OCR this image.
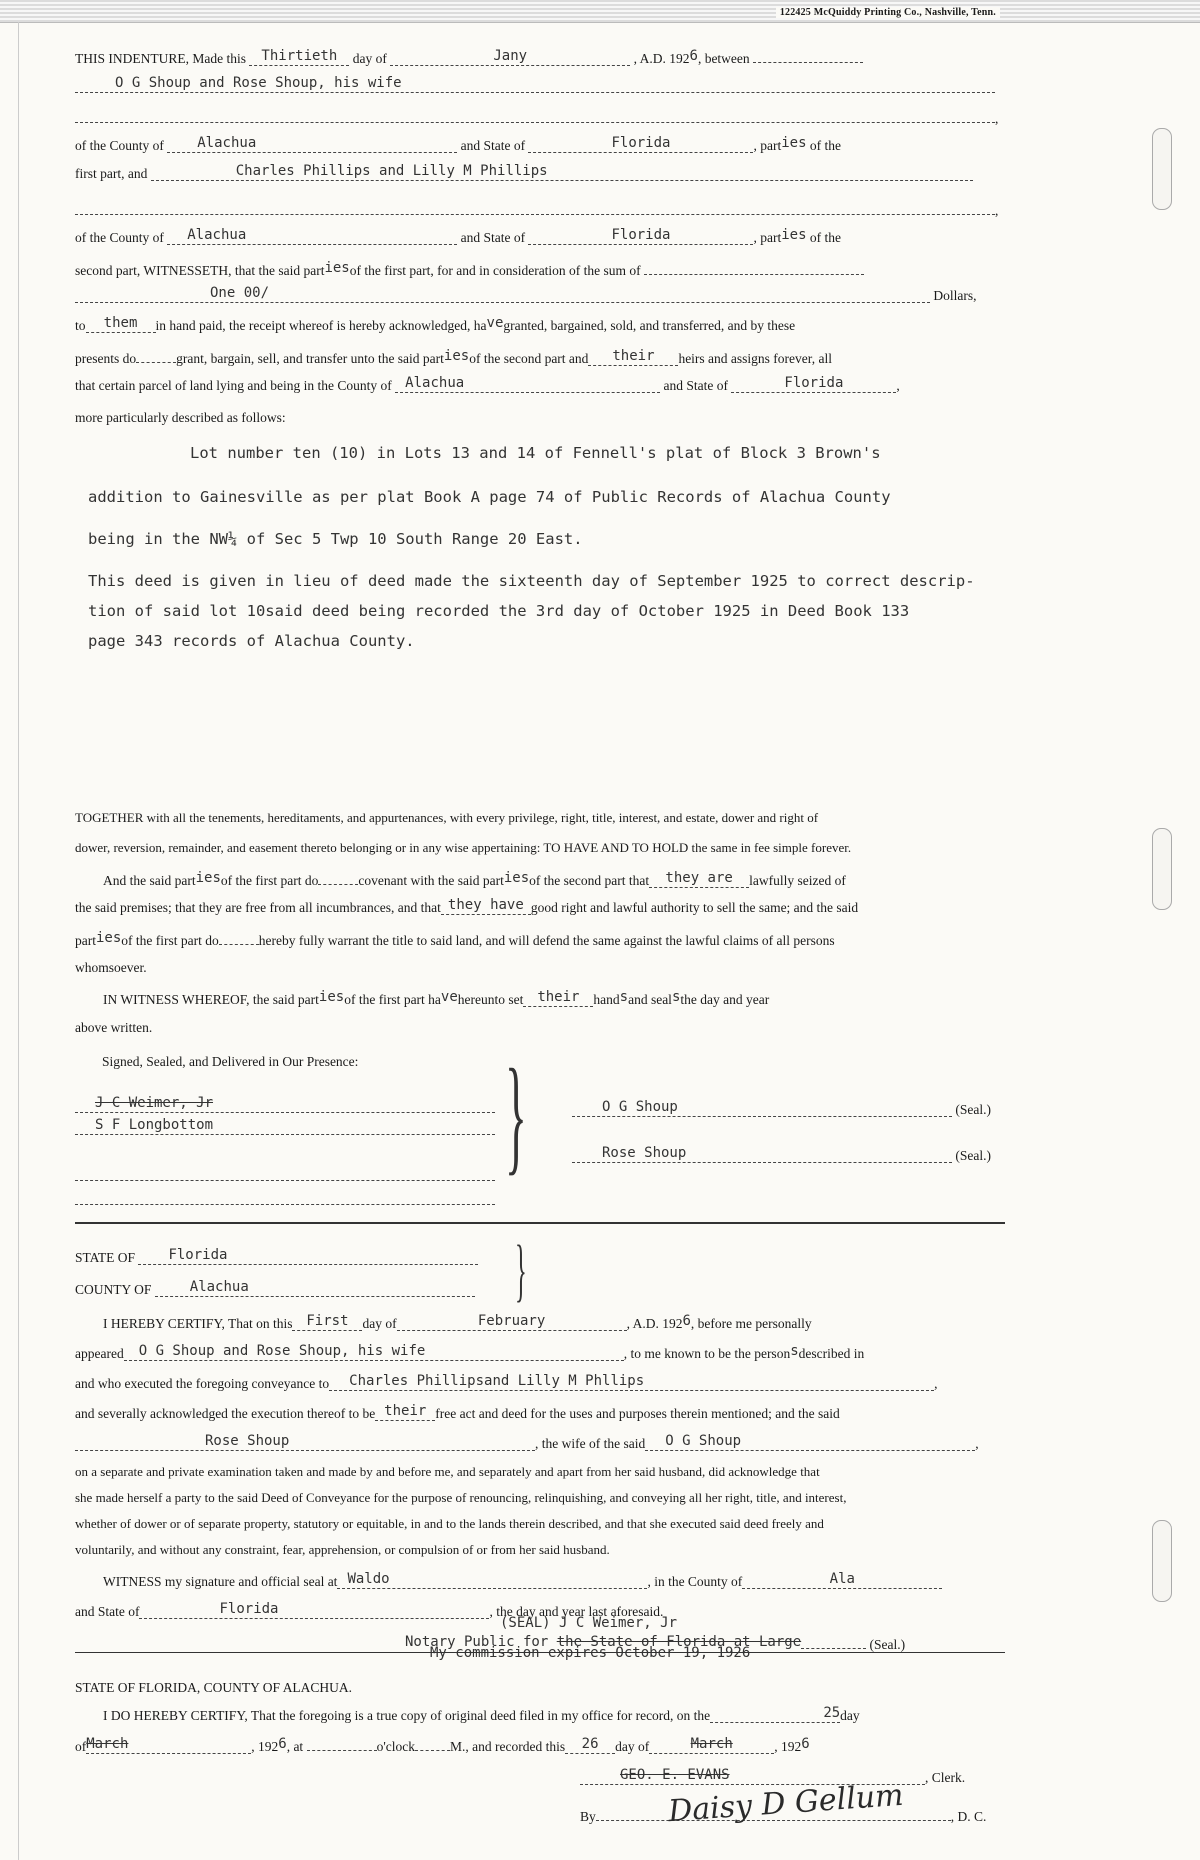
122425 McQuiddy Printing Co., Nashville, Tenn.
THIS INDENTURE, Made this Thirtieth day of	Jany	, A.D. 1926, between
O G Shoup and Rose Shoup, his wife
,
of the County of Alachua	and State of	Florida	, parties of the
first part, and	Charles Phillips and Lilly M Phillips
,
of the County of Alachua	and State of	Florida	, parties of the
second part, WITNESSETH, that the said partiesof the first part, for and in consideration of the sum of
One 00/	Dollars,
to them in hand paid, the receipt whereof is hereby acknowledged, havegranted, bargained, sold, and transferred, and by these
presents do	grant, bargain, sell, and transfer unto the said partiesof the second part and their heirs and assigns forever, all
that certain parcel of land lying and being in the County of Alachua	and State of	Florida	,
more particularly described as follows:
Lot number ten (10) in Lots 13 and 14 of Fennell's plat of Block 3 Brown's
addition to Gainesville as per plat Book A page 74 of Public Records of Alachua County
being in the NW¼ of Sec 5 Twp 10 South Range 20 East.
This deed is given in lieu of deed made the sixteenth day of September 1925 to correct descrip-
tion of said lot 10said deed being recorded the 3rd day of October 1925 in Deed Book 133
page 343 records of Alachua County.
TOGETHER with all the tenements, hereditaments, and appurtenances, with every privilege, right, title, interest, and estate, dower and right of
dower, reversion, remainder, and easement thereto belonging or in any wise appertaining: TO HAVE AND TO HOLD the same in fee simple forever.
And the said partiesof the first part do	covenant with the said partiesof the second part that they are lawfully seized of
the said premises; that they are free from all incumbrances, and that they have good right and lawful authority to sell the same; and the said
partiesof the first part do	hereby fully warrant the title to said land, and will defend the same against the lawful claims of all persons
whomsoever.
IN WITNESS WHEREOF, the said partiesof the first part havehereunto set their handsand sealsthe day and year
above written.
Signed, Sealed, and Delivered in Our Presence:	}
J C Weimer, Jr
S F Longbottom
O G Shoup	(Seal.)
Rose Shoup	(Seal.)
STATE OF Florida
COUNTY OF	Alachua	}
I HEREBY CERTIFY, That on this First day of	February	, A.D. 1926, before me personally
appeared O G Shoup and Rose Shoup, his wife	, to me known to be the personsdescribed in
and who executed the foregoing conveyance to Charles Phillipsand Lilly M Phllips	,
and severally acknowledged the execution thereof to be their free act and deed for the uses and purposes therein mentioned; and the said
Rose Shoup	, the wife of the said O G Shoup	,
on a separate and private examination taken and made by and before me, and separately and apart from her said husband, did acknowledge that
she made herself a party to the said Deed of Conveyance for the purpose of renouncing, relinquishing, and conveying all her right, title, and interest,
whether of dower or of separate property, statutory or equitable, in and to the lands therein described, and that she executed said deed freely and
voluntarily, and without any constraint, fear, apprehension, or compulsion of or from her said husband.
WITNESS my signature and official seal at Waldo	, in the County of	Ala
and State of	Florida	, the day and year last aforesaid.
(SEAL) J C Weimer, Jr
Notary Public for the State of Florida at Large	(Seal.)
My commission expires October 19, 1926
STATE OF FLORIDA, COUNTY OF ALACHUA.
I DO HEREBY CERTIFY, That the foregoing is a true copy of original deed filed in my office for record, on the	25day
ofMarch	, 1926, at	o'clock	M., and recorded this 26 day of	March	, 1926
GEO. E. EVANS	, Clerk.
By	, D. C.
Daisy D Gellum
